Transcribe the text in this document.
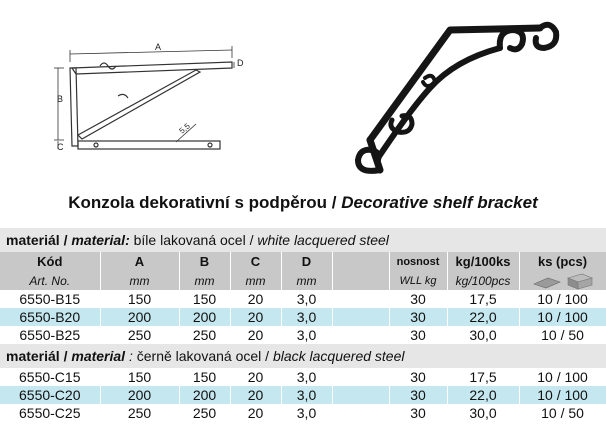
A
B
C
D
5,5
Konzola dekorativní s podpěrou / Decorative shelf bracket
materiál / material: bíle lakovaná ocel / white lacquered steel								
Kód	A	B	C	D		nosnost	kg/100ks	ks (pcs)
Art. No.	mm	mm	mm	mm		WLL kg	kg/100pcs	
6550-B15	150	150	20	3,0		30	17,5	10 / 100
6550-B20	200	200	20	3,0		30	22,0	10 / 100
6550-B25	250	250	20	3,0		30	30,0	10 / 50
materiál / material : černě lakovaná ocel / black lacquered steel								
6550-C15	150	150	20	3,0		30	17,5	10 / 100
6550-C20	200	200	20	3,0		30	22,0	10 / 100
6550-C25	250	250	20	3,0		30	30,0	10 / 50
